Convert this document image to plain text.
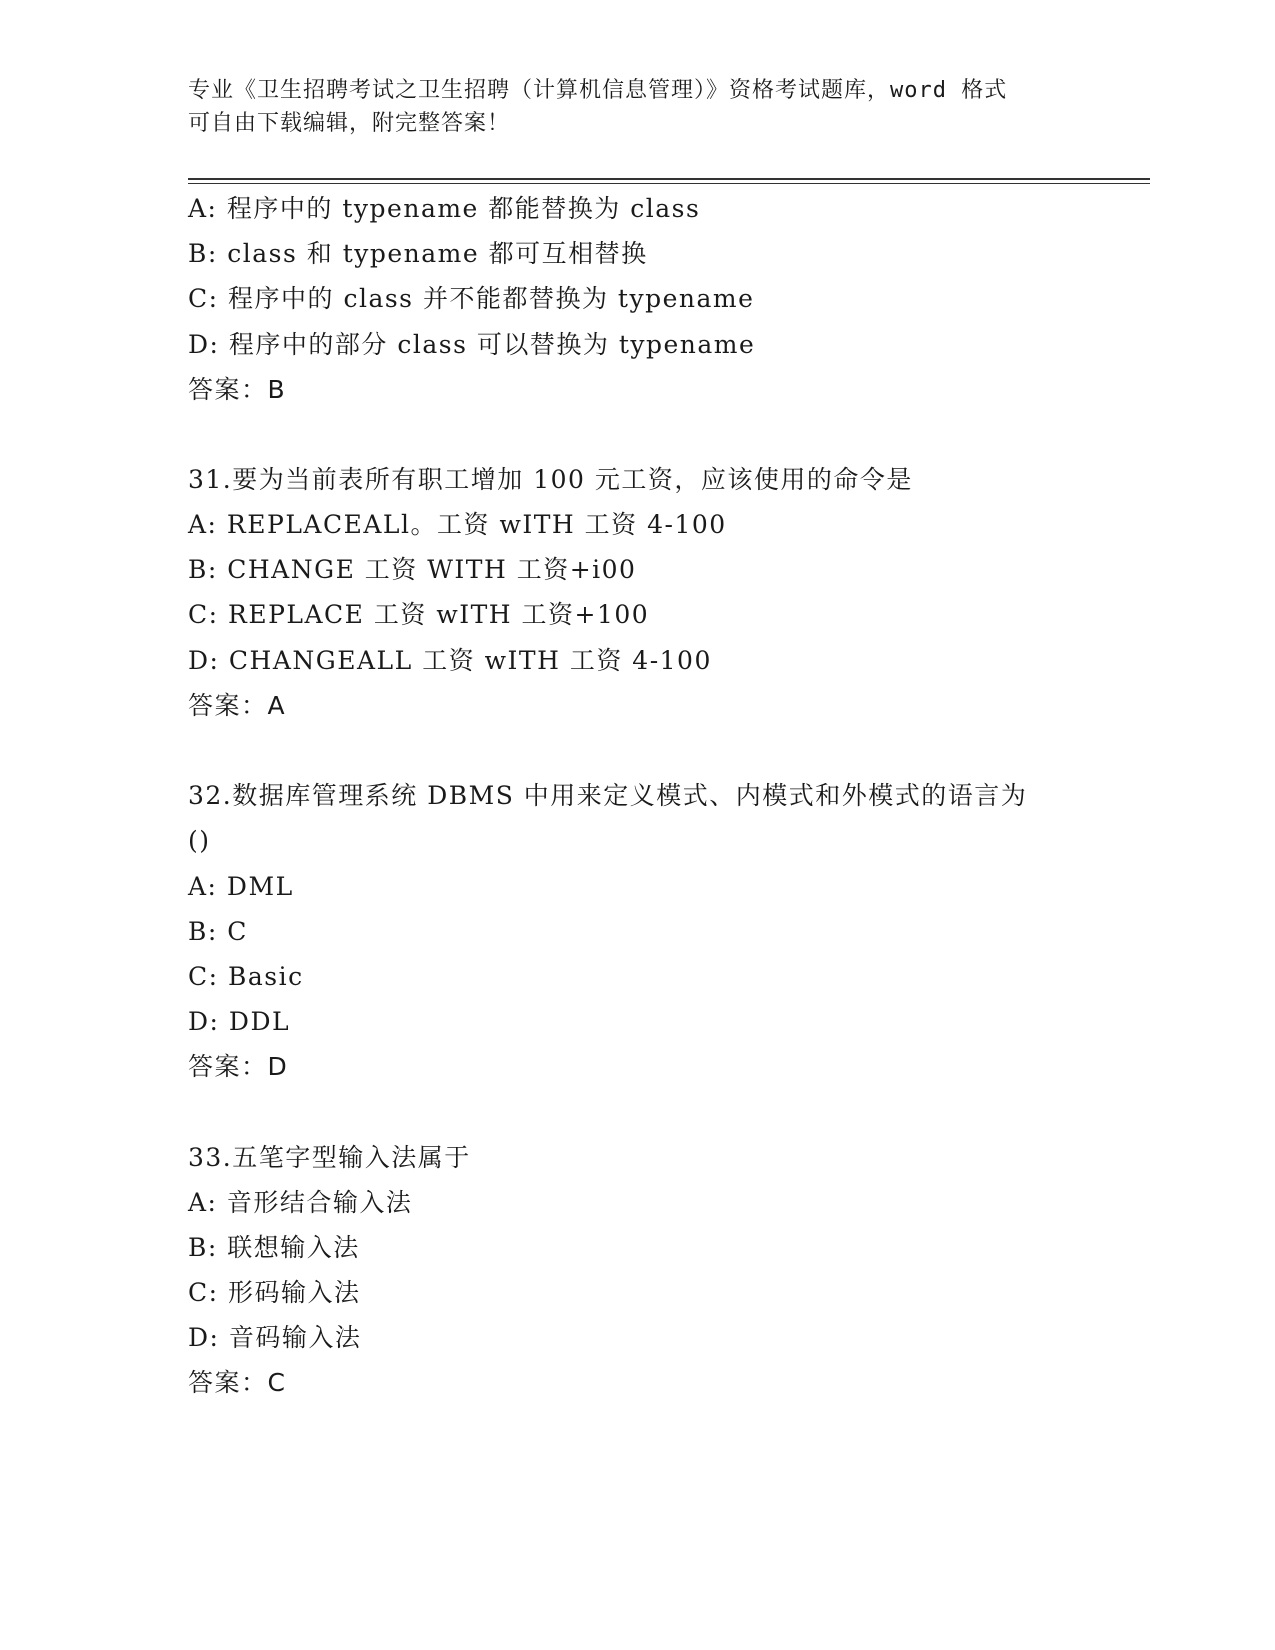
专业《卫生招聘考试之卫生招聘（计算机信息管理）》资格考试题库，word 格式
可自由下载编辑，附完整答案！
A: 程序中的 typename 都能替换为 class
B: class 和 typename 都可互相替换
C: 程序中的 class 并不能都替换为 typename
D: 程序中的部分 class 可以替换为 typename
答案：B
31.要为当前表所有职工增加 100 元工资，应该使用的命令是
A: REPLACEALl。工资 wITH 工资 4-100
B: CHANGE 工资 WITH 工资+i00
C: REPLACE 工资 wITH 工资+100
D: CHANGEALL 工资 wITH 工资 4-100
答案：A
32.数据库管理系统 DBMS 中用来定义模式、内模式和外模式的语言为
()
A: DML
B: C
C: Basic
D: DDL
答案：D
33.五笔字型输入法属于
A: 音形结合输入法
B: 联想输入法
C: 形码输入法
D: 音码输入法
答案：C
